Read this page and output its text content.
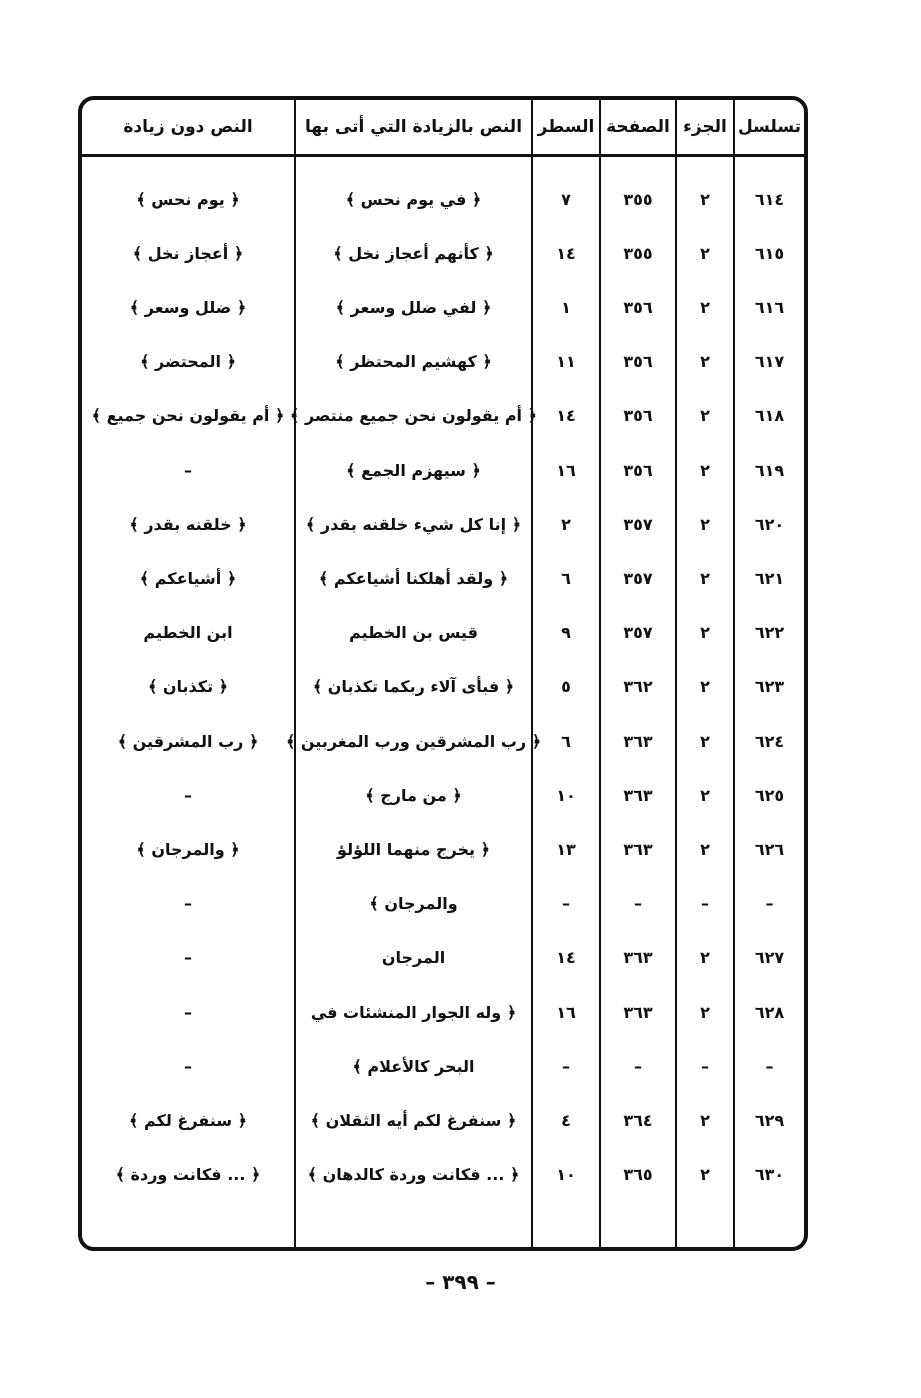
تسلسل
٦١٤
٦١٥
٦١٦
٦١٧
٦١٨
٦١٩
٦٢٠
٦٢١
٦٢٢
٦٢٣
٦٢٤
٦٢٥
٦٢٦
–
٦٢٧
٦٢٨
–
٦٢٩
٦٣٠
الجزء
٢
٢
٢
٢
٢
٢
٢
٢
٢
٢
٢
٢
٢
–
٢
٢
–
٢
٢
الصفحة
٣٥٥
٣٥٥
٣٥٦
٣٥٦
٣٥٦
٣٥٦
٣٥٧
٣٥٧
٣٥٧
٣٦٢
٣٦٣
٣٦٣
٣٦٣
–
٣٦٣
٣٦٣
–
٣٦٤
٣٦٥
السطر
٧
١٤
١
١١
١٤
١٦
٢
٦
٩
٥
٦
١٠
١٣
–
١٤
١٦
–
٤
١٠
النص بالزيادة التي أتى بها
﴿ في يوم نحس ﴾
﴿ كأنهم أعجاز نخل ﴾
﴿ لفي ضلل وسعر ﴾
﴿ كهشيم المحتظر ﴾
﴿ أم يقولون نحن جميع منتصر ﴾
﴿ سيهزم الجمع ﴾
﴿ إنا كل شيء خلقنه بقدر ﴾
﴿ ولقد أهلكنا أشياعكم ﴾
قيس بن الخطيم
﴿ فبأى آلاء ربكما تكذبان ﴾
﴿ رب المشرقين ورب المغربين ﴾
﴿ من مارج ﴾
﴿ يخرج منهما اللؤلؤ
والمرجان ﴾
المرجان
﴿ وله الجوار المنشئات في
البحر كالأعلام ﴾
﴿ سنفرغ لكم أيه الثقلان ﴾
﴿ ... فكانت وردة كالدهان ﴾
النص دون زيادة
﴿ يوم نحس ﴾
﴿ أعجاز نخل ﴾
﴿ ضلل وسعر ﴾
﴿ المحتضر ﴾
﴿ أم يقولون نحن جميع ﴾
–
﴿ خلقنه بقدر ﴾
﴿ أشياعكم ﴾
ابن الخطيم
﴿ تكذبان ﴾
﴿ رب المشرقين ﴾
–
﴿ والمرجان ﴾
–
–
–
–
﴿ سنفرغ لكم ﴾
﴿ ... فكانت وردة ﴾
– ٣٩٩ –
